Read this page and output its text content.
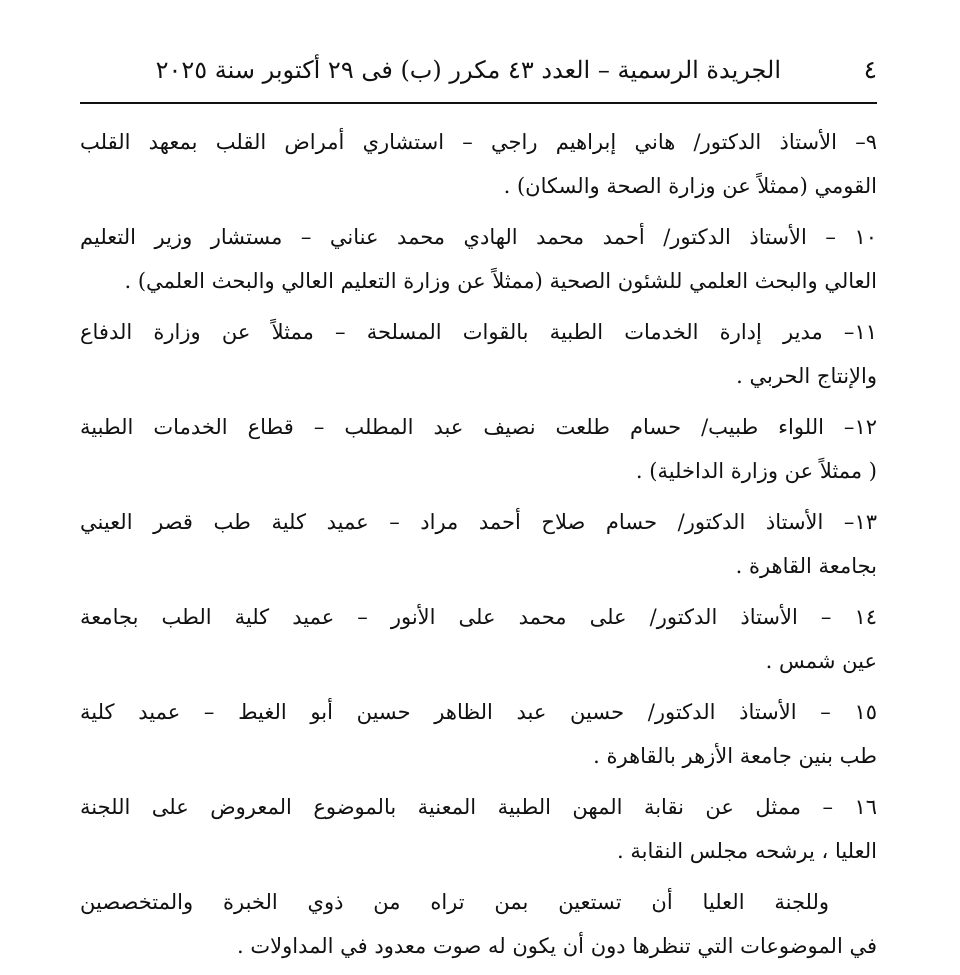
٤
الجريدة الرسمية – العدد ٤٣ مكرر (ب) فى ٢٩ أكتوبر سنة ٢٠٢٥
٩– الأستاذ الدكتور/ هاني إبراهيم راجي – استشاري أمراض القلب بمعهد القلب
القومي (ممثلاً عن وزارة الصحة والسكان) .
١٠ – الأستاذ الدكتور/ أحمد محمد الهادي محمد عناني – مستشار وزير التعليم
العالي والبحث العلمي للشئون الصحية (ممثلاً عن وزارة التعليم العالي والبحث العلمي) .
١١– مدير إدارة الخدمات الطبية بالقوات المسلحة – ممثلاً عن وزارة الدفاع
والإنتاج الحربي .
١٢– اللواء طبيب/ حسام طلعت نصيف عبد المطلب – قطاع الخدمات الطبية
( ممثلاً عن وزارة الداخلية) .
١٣– الأستاذ الدكتور/ حسام صلاح أحمد مراد – عميد كلية طب قصر العيني
بجامعة القاهرة .
١٤ – الأستاذ الدكتور/ على محمد على الأنور – عميد كلية الطب بجامعة
عين شمس .
١٥ – الأستاذ الدكتور/ حسين عبد الظاهر حسين أبو الغيط – عميد كلية
طب بنين جامعة الأزهر بالقاهرة .
١٦ – ممثل عن نقابة المهن الطبية المعنية بالموضوع المعروض على اللجنة
العليا ، يرشحه مجلس النقابة .
وللجنة العليا أن تستعين بمن تراه من ذوي الخبرة والمتخصصين
في الموضوعات التي تنظرها دون أن يكون له صوت معدود في المداولات .
